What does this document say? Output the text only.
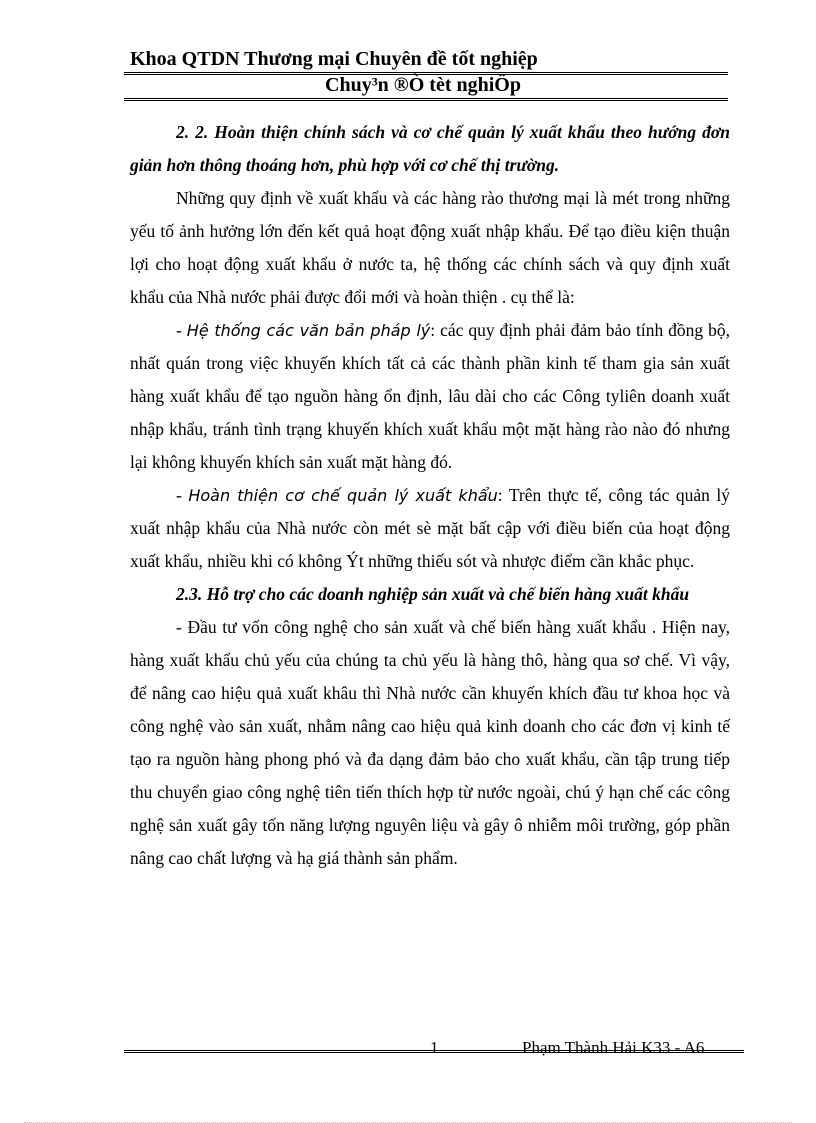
Khoa QTDN Thương mại Chuyên đề tốt nghiệp
Chuy³n ®Ò tèt nghiÖp

2. 2. Hoàn thiện chính sách và cơ chế quản lý xuất khẩu theo hướng đơn giản hơn thông thoáng hơn, phù hợp với cơ chế thị trường.

Những quy định về xuất khẩu và các hàng rào thương mại là mét trong những yếu tố ảnh hưởng lớn đến kết quả hoạt động xuất nhập khẩu. Để tạo điều kiện thuận lợi cho hoạt động xuất khẩu ở nước ta, hệ thống các chính sách và quy định xuất khẩu của Nhà nước phải được đổi mới và hoàn thiện . cụ thể là:

- Hệ thống các văn bản pháp lý: các quy định phải đảm bảo tính đồng bộ, nhất quán trong việc khuyến khích tất cả các thành phần kinh tế tham gia sản xuất hàng xuất khẩu để tạo nguồn hàng ổn định, lâu dài cho các Công tyliên doanh xuất nhập khẩu, tránh tình trạng khuyến khích xuất khẩu một mặt hàng rào nào đó nhưng lại không khuyến khích sản xuất mặt hàng đó.

- Hoàn thiện cơ chế quản lý xuất khẩu: Trên thực tế, công tác quản lý xuất nhập khẩu của Nhà nước còn mét sè mặt bất cập với điều biến của hoạt động xuất khẩu, nhiều khi có không Ýt những thiếu sót và nhược điểm cần khắc phục.

2.3. Hỗ trợ cho các doanh nghiệp sản xuất và chế biến hàng xuất khẩu

- Đầu tư vốn công nghệ cho sản xuất và chế biến hàng xuất khẩu . Hiện nay, hàng xuất khẩu chủ yếu của chúng ta chủ yếu là hàng thô, hàng qua sơ chế. Vì vậy, để nâng cao hiệu quả xuất khâu thì Nhà nước cần khuyến khích đầu tư khoa học và công nghệ vào sản xuất, nhằm nâng cao hiệu quả kinh doanh cho các đơn vị kinh tế tạo ra nguồn hàng phong phó và đa dạng đảm bảo cho xuất khẩu, cần tập trung tiếp thu chuyển giao công nghệ tiên tiến thích hợp từ nước ngoài, chú ý hạn chế các công nghệ sản xuất gây tốn năng lượng nguyên liệu và gây ô nhiễm môi trường, góp phần nâng cao chất lượng và hạ giá thành sản phẩm.

1	Phạm Thành Hải K33 - A6
